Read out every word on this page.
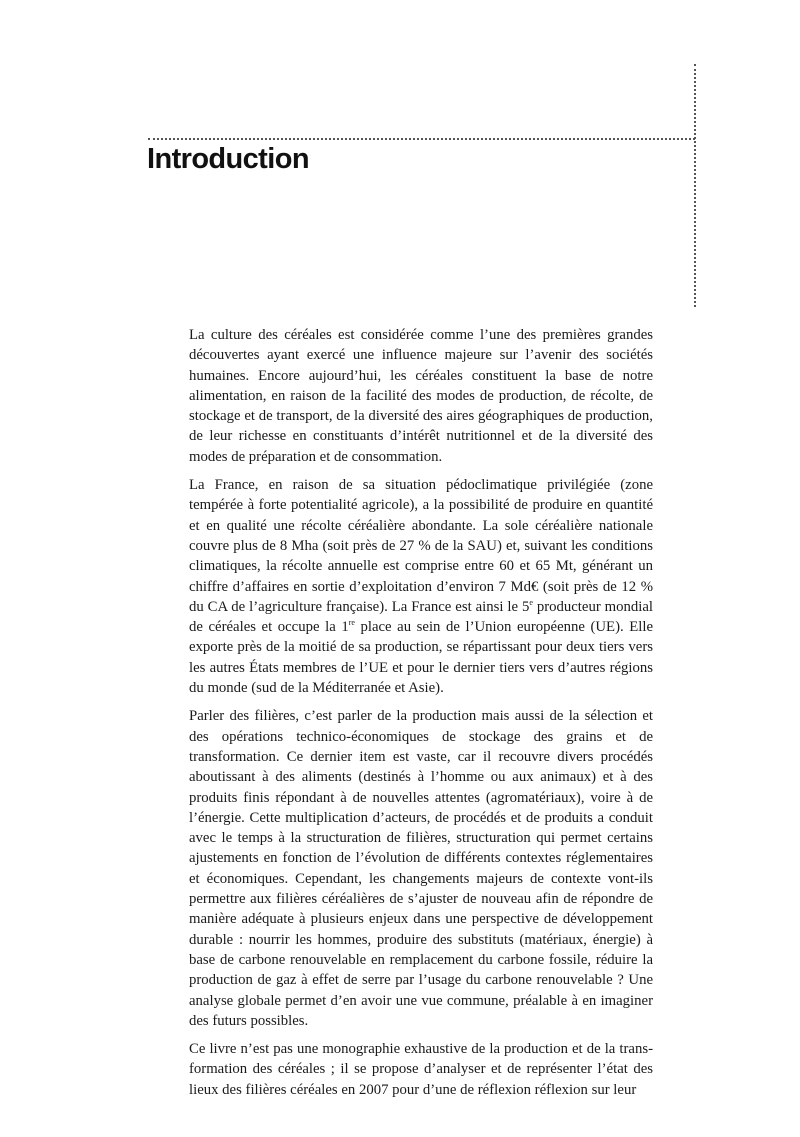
Introduction

La culture des céréales est considérée comme l’une des premières grandes découvertes ayant exercé une influence majeure sur l’avenir des sociétés humaines. Encore aujourd’hui, les céréales constituent la base de notre alimentation, en raison de la facilité des modes de production, de récolte, de stockage et de transport, de la diversité des aires géographiques de production, de leur richesse en constituants d’intérêt nutritionnel et de la diversité des modes de préparation et de consommation.

La France, en raison de sa situation pédoclimatique privilégiée (zone tempérée à forte potentialité agricole), a la possibilité de produire en quantité et en qualité une récolte céréalière abondante. La sole céréalière nationale couvre plus de 8 Mha (soit près de 27 % de la SAU) et, suivant les conditions climatiques, la récolte annuelle est comprise entre 60 et 65 Mt, générant un chiffre d’affaires en sortie d’exploitation d’environ 7 Md€ (soit près de 12 % du CA de l’agriculture française). La France est ainsi le 5e producteur mondial de céréales et occupe la 1re place au sein de l’Union européenne (UE). Elle exporte près de la moitié de sa production, se répartissant pour deux tiers vers les autres États membres de l’UE et pour le dernier tiers vers d’autres régions du monde (sud de la Méditerranée et Asie).

Parler des filières, c’est parler de la production mais aussi de la sélection et des opérations technico-économiques de stockage des grains et de transformation. Ce dernier item est vaste, car il recouvre divers procédés aboutissant à des aliments (destinés à l’homme ou aux animaux) et à des produits finis répondant à de nouvelles attentes (agromatériaux), voire à de l’énergie. Cette multiplication d’acteurs, de procédés et de produits a conduit avec le temps à la structuration de filières, structuration qui permet certains ajustements en fonction de l’évolution de différents contextes réglementaires et économiques. Cependant, les changements majeurs de contexte vont-ils permettre aux filières céréalières de s’ajuster de nouveau afin de répondre de manière adéquate à plusieurs enjeux dans une perspective de développement durable : nourrir les hommes, produire des substituts (matériaux, énergie) à base de carbone renouvelable en remplacement du carbone fossile, réduire la production de gaz à effet de serre par l’usage du carbone renouvelable ? Une analyse globale permet d’en avoir une vue commune, préalable à en imaginer des futurs possibles.

Ce livre n’est pas une monographie exhaustive de la production et de la transformation des céréales ; il se propose d’analyser et de représenter l’état des lieux des filières céréales en 2007 pour d’une de réflexion réflexion sur leur
